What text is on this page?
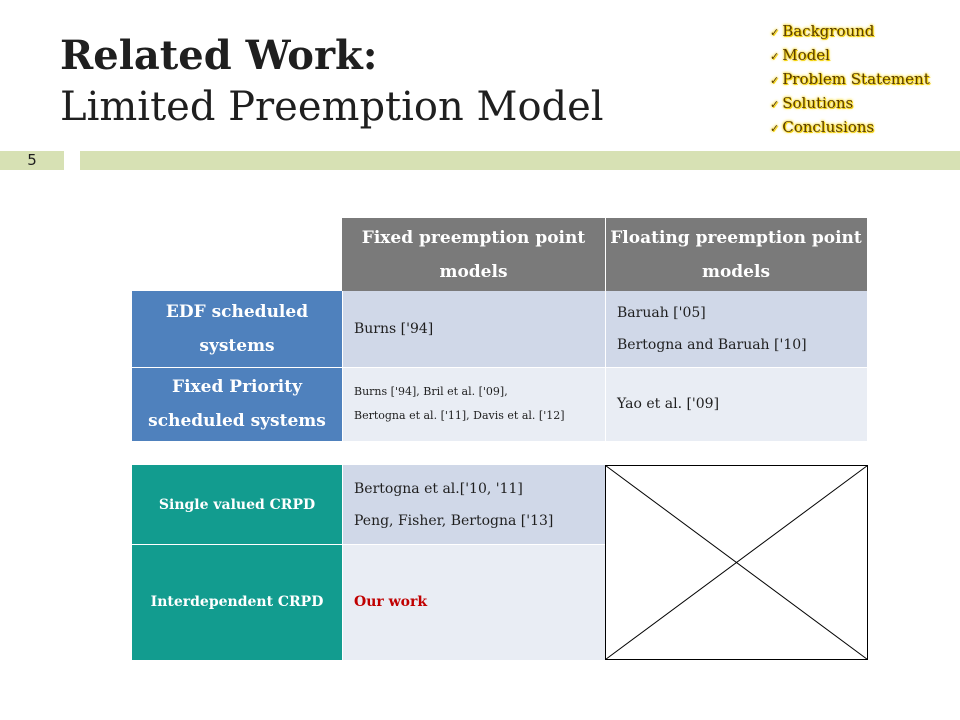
Related Work:
Limited Preemption Model
✓ Background
✓ Model
✓ Problem Statement
✓ Solutions
✓ Conclusions
5
Fixed preemption point models
Floating preemption point models
EDF scheduled systems
Burns ['94]
Baruah ['05]
Bertogna and Baruah ['10]
Fixed Priority scheduled systems
Burns ['94], Bril et al. ['09],
Bertogna et al. ['11], Davis et al. ['12]
Yao et al. ['09]
Single valued CRPD
Bertogna et al.['10, '11]
Peng, Fisher, Bertogna ['13]
Interdependent CRPD	Our work
